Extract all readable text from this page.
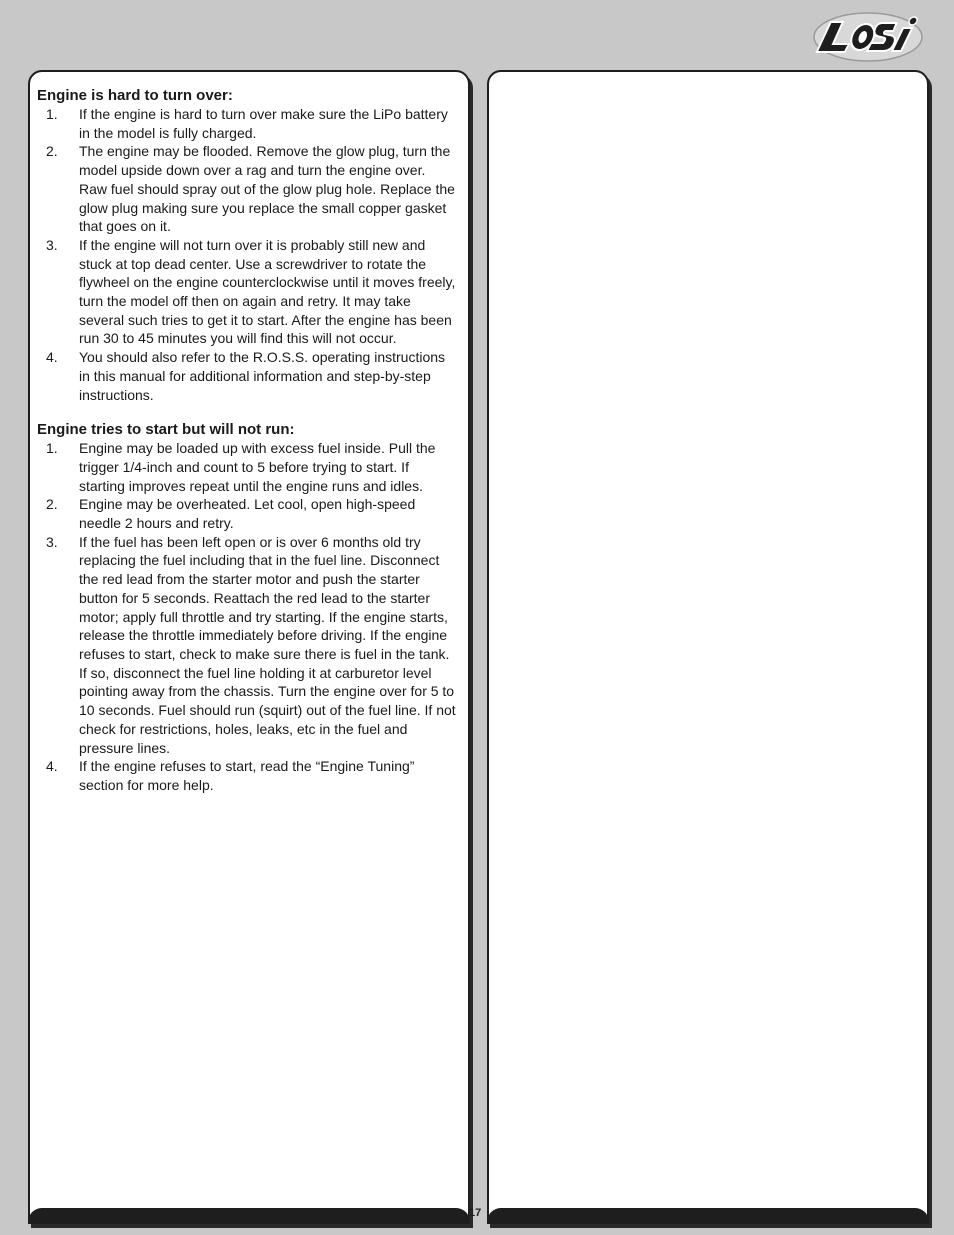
17
Engine is hard to turn over:
1. If the engine is hard to turn over make sure the LiPo battery in the model is fully charged.
2. The engine may be flooded. Remove the glow plug, turn the model upside down over a rag and turn the engine over. Raw fuel should spray out of the glow plug hole. Replace the glow plug making sure you replace the small copper gasket that goes on it.
3. If the engine will not turn over it is probably still new and stuck at top dead center. Use a screwdriver to rotate the flywheel on the engine counterclockwise until it moves freely, turn the model off then on again and retry. It may take several such tries to get it to start. After the engine has been run 30 to 45 minutes you will find this will not occur.
4. You should also refer to the R.O.S.S. operating instructions in this manual for additional information and step-by-step instructions.
Engine tries to start but will not run:
1. Engine may be loaded up with excess fuel inside. Pull the trigger 1/4-inch and count to 5 before trying to start. If starting improves repeat until the engine runs and idles.
2. Engine may be overheated. Let cool, open high-speed needle 2 hours and retry.
3. If the fuel has been left open or is over 6 months old try replacing the fuel including that in the fuel line. Disconnect the red lead from the starter motor and push the starter button for 5 seconds. Reattach the red lead to the starter motor; apply full throttle and try starting. If the engine starts, release the throttle immediately before driving. If the engine refuses to start, check to make sure there is fuel in the tank. If so, disconnect the fuel line holding it at carburetor level pointing away from the chassis. Turn the engine over for 5 to 10 seconds. Fuel should run (squirt) out of the fuel line. If not check for restrictions, holes, leaks, etc in the fuel and pressure lines.
4. If the engine refuses to start, read the “Engine Tuning” section for more help.
